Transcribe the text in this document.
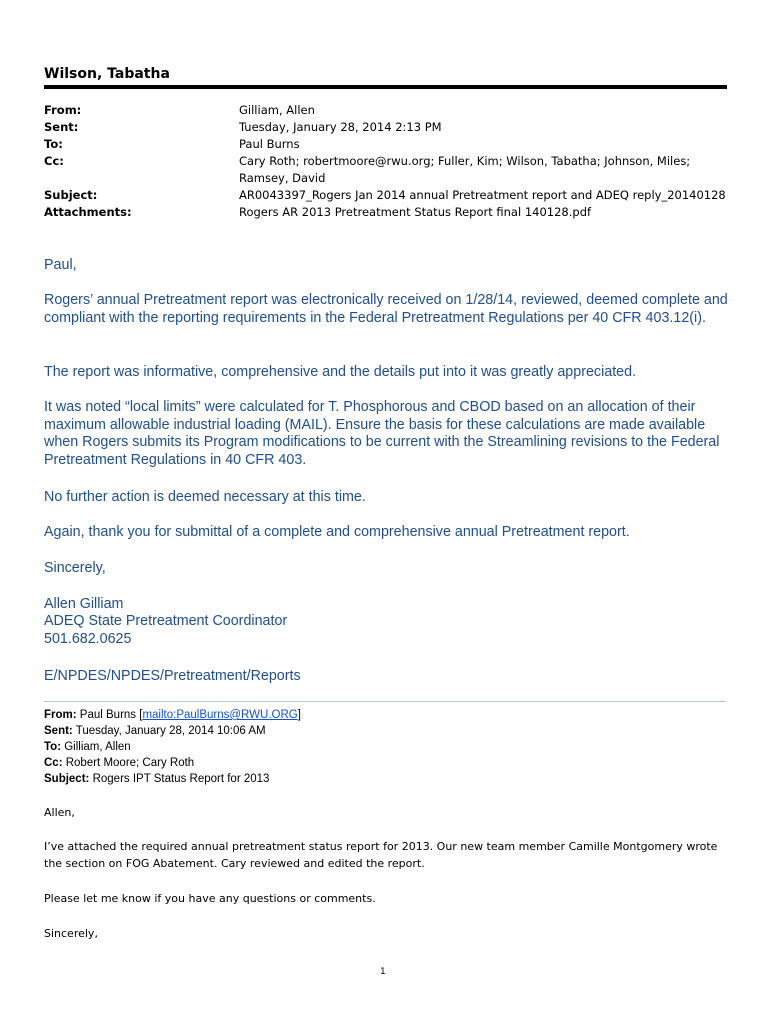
Wilson, Tabatha
From:	Gilliam, Allen
Sent:	Tuesday, January 28, 2014 2:13 PM
To:	Paul Burns
Cc:	Cary Roth; robertmoore@rwu.org; Fuller, Kim; Wilson, Tabatha; Johnson, Miles; Ramsey, David
Subject:	AR0043397_Rogers Jan 2014 annual Pretreatment report and ADEQ reply_20140128
Attachments:	Rogers AR 2013 Pretreatment Status Report final 140128.pdf
Paul,
Rogers’ annual Pretreatment report was electronically received on 1/28/14, reviewed, deemed complete and compliant with the reporting requirements in the Federal Pretreatment Regulations per 40 CFR 403.12(i).
The report was informative, comprehensive and the details put into it was greatly appreciated.
It was noted “local limits” were calculated for T. Phosphorous and CBOD based on an allocation of their maximum allowable industrial loading (MAIL). Ensure the basis for these calculations are made available when Rogers submits its Program modifications to be current with the Streamlining revisions to the Federal Pretreatment Regulations in 40 CFR 403.
No further action is deemed necessary at this time.
Again, thank you for submittal of a complete and comprehensive annual Pretreatment report.
Sincerely,
Allen Gilliam
ADEQ State Pretreatment Coordinator
501.682.0625
E/NPDES/NPDES/Pretreatment/Reports
From: Paul Burns [mailto:PaulBurns@RWU.ORG]
Sent: Tuesday, January 28, 2014 10:06 AM
To: Gilliam, Allen
Cc: Robert Moore; Cary Roth
Subject: Rogers IPT Status Report for 2013
Allen,
I’ve attached the required annual pretreatment status report for 2013. Our new team member Camille Montgomery wrote the section on FOG Abatement. Cary reviewed and edited the report.
Please let me know if you have any questions or comments.
Sincerely,
1
